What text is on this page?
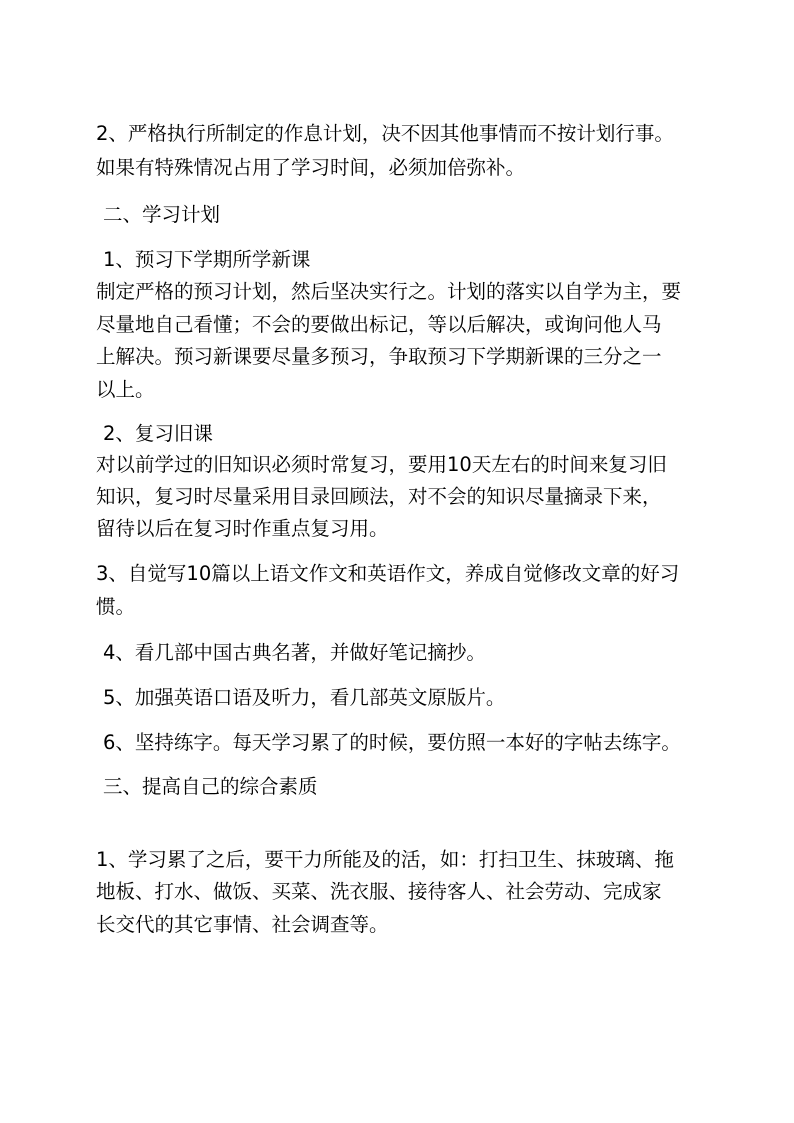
2、严格执行所制定的作息计划，决不因其他事情而不按计划行事。
如果有特殊情况占用了学习时间，必须加倍弥补。
二、学习计划
1、预习下学期所学新课
制定严格的预习计划，然后坚决实行之。计划的落实以自学为主，要
尽量地自己看懂；不会的要做出标记，等以后解决，或询问他人马
上解决。预习新课要尽量多预习，争取预习下学期新课的三分之一
以上。
2、复习旧课
对以前学过的旧知识必须时常复习，要用10天左右的时间来复习旧
知识，复习时尽量采用目录回顾法，对不会的知识尽量摘录下来，
留待以后在复习时作重点复习用。
3、自觉写10篇以上语文作文和英语作文，养成自觉修改文章的好习
惯。
4、看几部中国古典名著，并做好笔记摘抄。
5、加强英语口语及听力，看几部英文原版片。
6、坚持练字。每天学习累了的时候，要仿照一本好的字帖去练字。
三、提高自己的综合素质
1、学习累了之后，要干力所能及的活，如：打扫卫生、抹玻璃、拖
地板、打水、做饭、买菜、洗衣服、接待客人、社会劳动、完成家
长交代的其它事情、社会调查等。
